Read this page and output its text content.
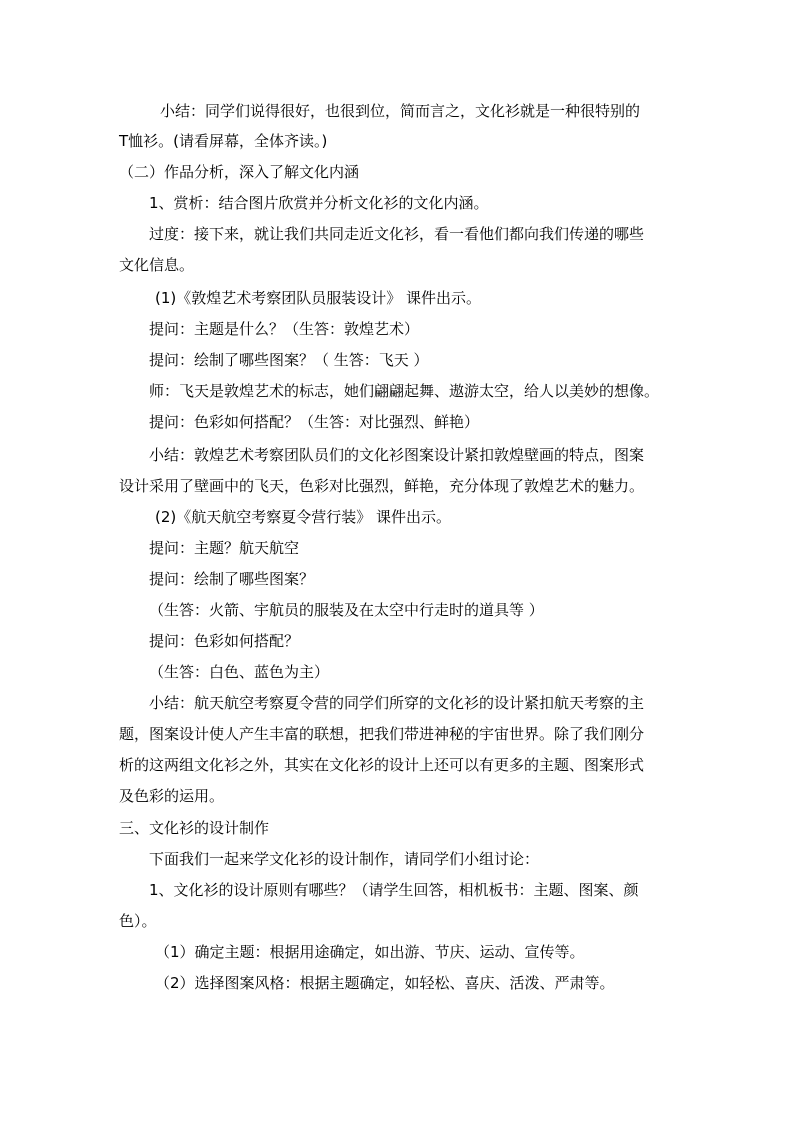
小结：同学们说得很好，也很到位，简而言之，文化衫就是一种很特别的
T恤衫。(请看屏幕，全体齐读。)
（二）作品分析，深入了解文化内涵
1、赏析：结合图片欣赏并分析文化衫的文化内涵。
过度：接下来，就让我们共同走近文化衫，看一看他们都向我们传递的哪些
文化信息。
(1)《敦煌艺术考察团队员服装设计》 课件出示。
提问：主题是什么？（生答：敦煌艺术）
提问：绘制了哪些图案？（ 生答：飞天 ）
师：飞天是敦煌艺术的标志，她们翩翩起舞、遨游太空，给人以美妙的想像。
提问：色彩如何搭配？（生答：对比强烈、鲜艳）
小结：敦煌艺术考察团队员们的文化衫图案设计紧扣敦煌壁画的特点，图案
设计采用了壁画中的飞天，色彩对比强烈，鲜艳，充分体现了敦煌艺术的魅力。
(2)《航天航空考察夏令营行装》 课件出示。
提问：主题？航天航空
提问：绘制了哪些图案？
（生答：火箭、宇航员的服装及在太空中行走时的道具等 ）
提问：色彩如何搭配？
（生答：白色、蓝色为主）
小结：航天航空考察夏令营的同学们所穿的文化衫的设计紧扣航天考察的主
题，图案设计使人产生丰富的联想，把我们带进神秘的宇宙世界。除了我们刚分
析的这两组文化衫之外，其实在文化衫的设计上还可以有更多的主题、图案形式
及色彩的运用。
三、文化衫的设计制作
下面我们一起来学文化衫的设计制作，请同学们小组讨论：
1、文化衫的设计原则有哪些？（请学生回答，相机板书：主题、图案、颜
色）。
（1）确定主题：根据用途确定，如出游、节庆、运动、宣传等。
（2）选择图案风格：根据主题确定，如轻松、喜庆、活泼、严肃等。
